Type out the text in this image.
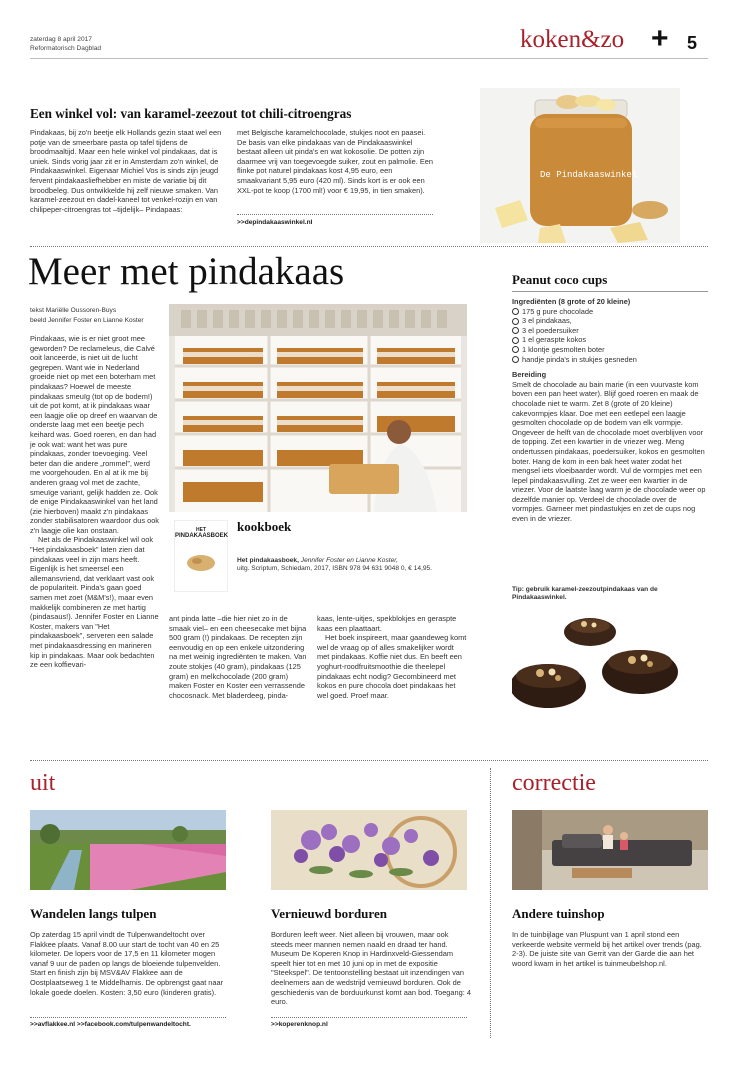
zaterdag 8 april 2017
Reformatorisch Dagblad	koken&zo + 5
Een winkel vol: van karamel-zeezout tot chili-citroengras
Pindakaas, bij zo'n beetje elk Hollands gezin staat wel een potje van de smeerbare pasta op tafel tijdens de broodmaaltijd. Maar een hele winkel vol pindakaas, dat is uniek. Sinds vorig jaar zit er in Amsterdam zo'n winkel, de Pindakaaswinkel. Eigenaar Michiel Vos is sinds zijn jeugd fervent pindakaasliefhebber en miste de variatie bij dit broodbeleg. Dus ontwikkelde hij zelf nieuwe smaken. Van karamel-zeezout en dadel-kaneel tot venkel-rozijn en van chilipeper-citroengras tot –tijdelijk– Pindapaas:
met Belgische karamelchocolade, stukjes noot en paasei. De basis van elke pindakaas van de Pindakaaswinkel bestaat alleen uit pinda's en wat kokosolie. De potten zijn daarmee vrij van toegevoegde suiker, zout en palmolie. Een flinke pot naturel pindakaas kost 4,95 euro, een smaakvariant 5,95 euro (420 ml). Sinds kort is er ook een XXL-pot te koop (1700 ml!) voor € 19,95, in tien smaken).
>>depindakaaswinkel.nl
De Pindakaaswinkel
Meer met pindakaas
tekst Mariëlle Oussoren-Buys
beeld Jennifer Foster en Lianne Koster

Pindakaas, wie is er niet groot mee geworden? De reclameleus, die Calvé ooit lanceerde, is niet uit de lucht gegrepen. Want wie in Nederland groeide niet op met een boterham met pindakaas? Hoewel de meeste pindakaas smeuïg (tot op de bodem!) uit de pot komt, at ik pindakaas waar een laagje olie op dreef en waarvan de onderste laag met een beetje pech keihard was. Goed roeren, en dan had je ook wat: want het was pure pindakaas, zonder toevoeging. Veel beter dan die andere „rommel”, werd me voorgehouden. En al at ik me bij anderen graag vol met de zachte, smeuïge variant, gelijk hadden ze. Ook de enige Pindakaaswinkel van het land (zie hierboven) maakt z'n pindakaas zonder stabilisatoren waardoor dus ook z'n laagje olie kan onstaan.

Net als de Pindakaaswinkel wil ook "Het pindakaasboek" laten zien dat pindakaas veel in zijn mars heeft. Eigenlijk is het smeersel een allemansvriend, dat verklaart vast ook de populariteit. Pinda's gaan goed samen met zoet (M&M's!), maar even makkelijk combineren ze met hartig (pindasaus!). Jennifer Foster en Lianne Koster, makers van "Het pindakaasboek", serveren een salade met pindakaasdressing en marineren kip in pindakaas. Maar ook bedachten ze een koffievari-

ant pinda latte –die hier niet zo in de smaak viel– en een cheesecake met bijna 500 gram (!) pindakaas. De recepten zijn eenvoudig en op een enkele uitzondering na met weinig ingrediënten te maken. Van zoute stokjes (40 gram), pindakaas (125 gram) en melkchocolade (200 gram) maken Foster en Koster een verrassende chocosnack. Met bladerdeeg, pinda-

kaas, lente-uitjes, spekblokjes en geraspte kaas een plaattaart.

Het boek inspireert, maar gaandeweg komt wel de vraag op of alles smakelijker wordt met pindakaas. Koffie niet dus. En beeft een yoghurt-roodfruitsmoothie die theelepel pindakaas echt nodig? Gecombineerd met kokos en pure chocola doet pindakaas het wel goed. Proef maar.

HET
PINDAKAASBOEK
kookboek
Het pindakaasboek, Jennifer Foster en Lianne Koster,
uitg. Scriptum, Schiedam, 2017, ISBN 978 94 631 9048 0, € 14,95.
Peanut coco cups
Ingrediënten (8 grote of 20 kleine)
175 g pure chocolade
3 el pindakaas,
3 el poedersuiker
1 el geraspte kokos
1 klontje gesmolten boter
handje pinda's in stukjes gesneden
Bereiding
Smelt de chocolade au bain marie (in een vuurvaste kom boven een pan heet water). Blijf goed roeren en maak de chocolade niet te warm. Zet 8 (grote of 20 kleine) cakevormpjes klaar. Doe met een eetlepel een laagje gesmolten chocolade op de bodem van elk vormpje. Ongeveer de helft van de chocolade moet overblijven voor de topping. Zet een kwartier in de vriezer weg. Meng ondertussen pindakaas, poedersuiker, kokos en gesmolten boter. Hang de kom in een bak heet water zodat het mengsel iets vloeibaarder wordt. Vul de vormpjes met een lepel pindakaasvulling. Zet ze weer een kwartier in de vriezer. Voor de laatste laag warm je de chocolade weer op dezelfde manier op. Verdeel de chocolade over de vormpjes. Garneer met pindastukjes en zet de cups nog even in de vriezer.
Tip: gebruik karamel-zeezoutpindakaas van de Pindakaaswinkel.
uit
Wandelen langs tulpen
Op zaterdag 15 april vindt de Tulpenwandeltocht over Flakkee plaats. Vanaf 8.00 uur start de tocht van 40 en 25 kilometer. De lopers voor de 17,5 en 11 kilometer mogen vanaf 9 uur de paden op langs de bloeiende tulpenvelden. Start en finish zijn bij MSV&AV Flakkee aan de Oostplaatseweg 1 te Middelharnis. De opbrengst gaat naar lokale goede doelen. Kosten: 3,50 euro (kinderen gratis).
>>avflakkee.nl >>facebook.com/tulpenwandeltocht.
Vernieuwd borduren
Borduren leeft weer. Niet alleen bij vrouwen, maar ook steeds meer mannen nemen naald en draad ter hand. Museum De Koperen Knop in Hardinxveld-Giessendam speelt hier tot en met 10 juni op in met de expositie "Steekspel". De tentoonstelling bestaat uit inzendingen van deelnemers aan de wedstrijd vernieuwd borduren. Ook de geschiedenis van de borduurkunst komt aan bod. Toegang: 4 euro.
>>koperenknop.nl
correctie
Andere tuinshop
In de tuinbijlage van Pluspunt van 1 april stond een verkeerde website vermeld bij het artikel over trends (pag. 2-3). De juiste site van Gerrit van der Garde die aan het woord kwam in het artikel is tuinmeubelshop.nl.
